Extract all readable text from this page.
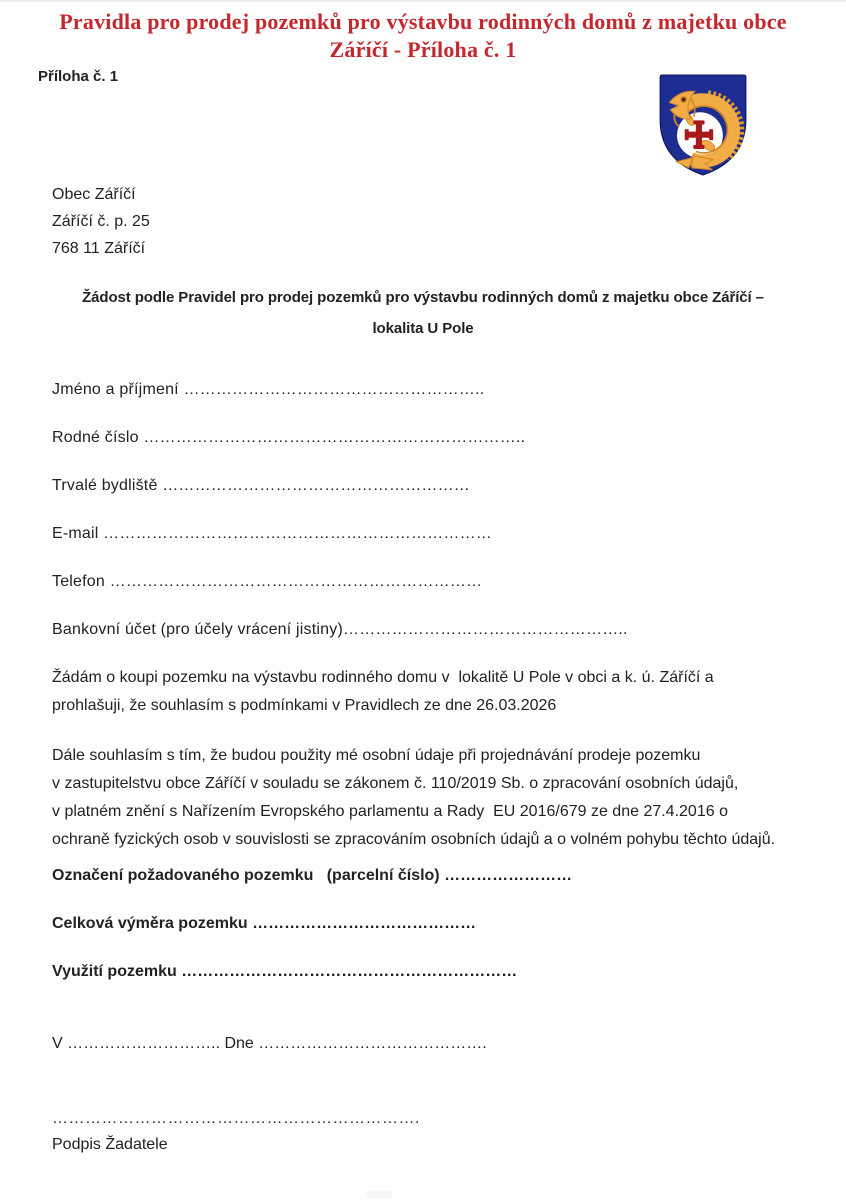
Pravidla pro prodej pozemků pro výstavbu rodinných domů z majetku obce
Záříčí - Příloha č. 1
Příloha č. 1
Obec Záříčí
Záříčí č. p. 25
768 11 Záříčí
Žádost podle Pravidel pro prodej pozemků pro výstavbu rodinných domů z majetku obce Záříčí –
lokalita U Pole
Jméno a příjmení ………………………………………………..
Rodné číslo ……………………………………………………………..
Trvalé bydliště …………………………………………………
E-mail ………………………………………………………………
Telefon ……………………………………………………………
Bankovní účet (pro účely vrácení jistiny)……………………………………………..
Žádám o koupi pozemku na výstavbu rodinného domu v  lokalitě U Pole v obci a k. ú. Záříčí a
prohlašuji, že souhlasím s podmínkami v Pravidlech ze dne 26.03.2026
Dále souhlasím s tím, že budou použity mé osobní údaje při projednávání prodeje pozemku
v zastupitelstvu obce Záříčí v souladu se zákonem č. 110/2019 Sb. o zpracování osobních údajů,
v platném znění s Nařízením Evropského parlamentu a Rady  EU 2016/679 ze dne 27.4.2016 o
ochraně fyzických osob v souvislosti se zpracováním osobních údajů a o volném pohybu těchto údajů.
Označení požadovaného pozemku   (parcelní číslo) ……………………
Celková výměra pozemku ……………………………………
Využití pozemku ………………………………………………………
V ……………………….. Dne …………………………………….
………………………………………………………….
Podpis Žadatele
